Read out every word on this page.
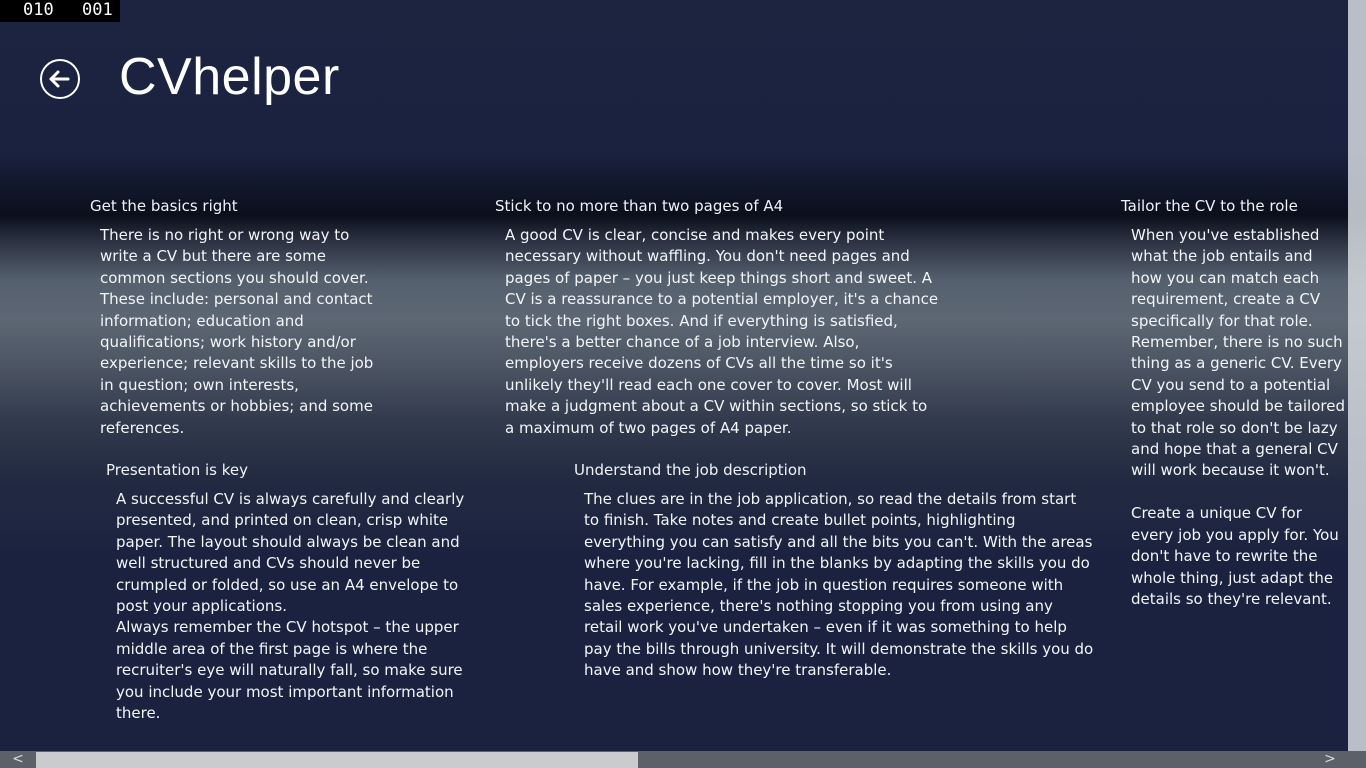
010 001
CVhelper
Get the basics right

There is no right or wrong way to write a CV but there are some common sections you should cover. These include: personal and contact information; education and qualifications; work history and/or experience; relevant skills to the job in question; own interests, achievements or hobbies; and some references.

Stick to no more than two pages of A4

A good CV is clear, concise and makes every point necessary without waffling. You don't need pages and pages of paper – you just keep things short and sweet. A CV is a reassurance to a potential employer, it's a chance to tick the right boxes. And if everything is satisfied, there's a better chance of a job interview. Also, employers receive dozens of CVs all the time so it's unlikely they'll read each one cover to cover. Most will make a judgment about a CV within sections, so stick to a maximum of two pages of A4 paper.

Tailor the CV to the role

When you've established what the job entails and how you can match each requirement, create a CV specifically for that role. Remember, there is no such thing as a generic CV. Every CV you send to a potential employee should be tailored to that role so don't be lazy and hope that a general CV will work because it won't.

Create a unique CV for every job you apply for. You don't have to rewrite the whole thing, just adapt the details so they're relevant.

Presentation is key

A successful CV is always carefully and clearly presented, and printed on clean, crisp white paper. The layout should always be clean and well structured and CVs should never be crumpled or folded, so use an A4 envelope to post your applications.
Always remember the CV hotspot – the upper middle area of the first page is where the recruiter's eye will naturally fall, so make sure you include your most important information there.

Understand the job description

The clues are in the job application, so read the details from start to finish. Take notes and create bullet points, highlighting everything you can satisfy and all the bits you can't. With the areas where you're lacking, fill in the blanks by adapting the skills you do have. For example, if the job in question requires someone with sales experience, there's nothing stopping you from using any retail work you've undertaken – even if it was something to help pay the bills through university. It will demonstrate the skills you do have and show how they're transferable.

<	>
